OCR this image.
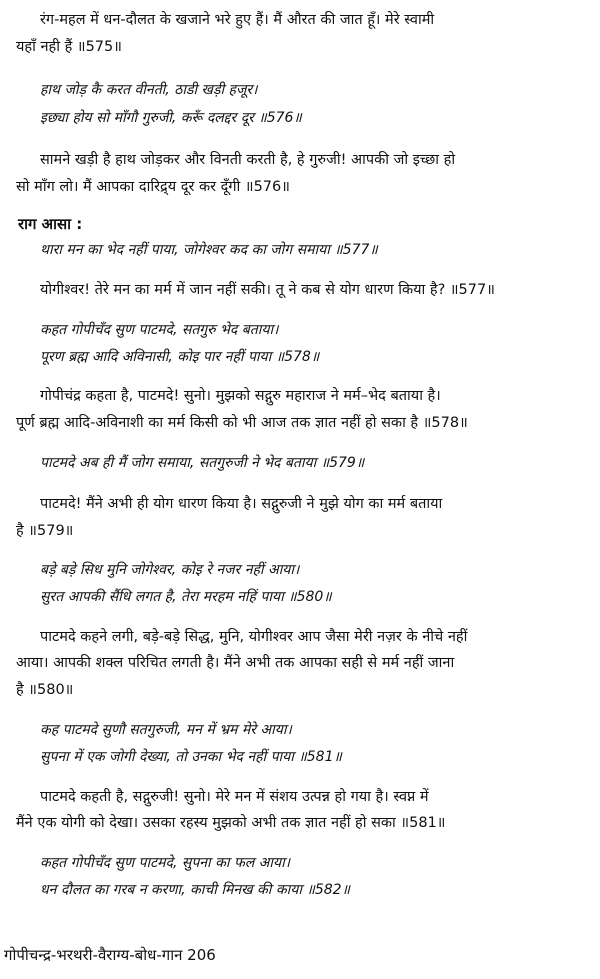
रंग-महल में धन-दौलत के खजाने भरे हुए हैं। मैं औरत की जात हूँ। मेरे स्वामी
यहाँ नही हैं ॥575॥
हाथ जोड़ कै करत वीनती, ठाडी खड़ी हजूर।
इछ्या होय सो माँगौ गुरुजी, करूँ दलद्दर दूर ॥576॥
सामने खड़ी है हाथ जोड़कर और विनती करती है, हे गुरुजी! आपकी जो इच्छा हो
सो माँग लो। मैं आपका दारिद्र्य दूर कर दूँगी ॥576॥
राग आसा :
थारा मन का भेद नहीं पाया, जोगेश्वर कद का जोग समाया ॥577॥
योगीश्वर! तेरे मन का मर्म में जान नहीं सकी। तू ने कब से योग धारण किया है? ॥577॥
कहत गोपीचँद सुण पाटमदे, सतगुरु भेद बताया।
पूरण ब्रह्म आदि अविनासी, कोइ पार नहीं पाया ॥578॥
गोपीचंद्र कहता है, पाटमदे! सुनो। मुझको सद्गुरु महाराज ने मर्म–भेद बताया है।
पूर्ण ब्रह्म आदि-अविनाशी का मर्म किसी को भी आज तक ज्ञात नहीं हो सका है ॥578॥
पाटमदे अब ही मैं जोग समाया, सतगुरुजी ने भेद बताया ॥579॥
पाटमदे! मैंने अभी ही योग धारण किया है। सद्गुरुजी ने मुझे योग का मर्म बताया
है ॥579॥
बड़े बड़े सिध मुनि जोगेश्वर, कोइ रे नजर नहीं आया।
सुरत आपकी सैंधि लगत है, तेरा मरहम नहिं पाया ॥580॥
पाटमदे कहने लगी, बड़े-बड़े सिद्ध, मुनि, योगीश्वर आप जैसा मेरी नज़र के नीचे नहीं
आया। आपकी शक्ल परिचित लगती है। मैंने अभी तक आपका सही से मर्म नहीं जाना
है ॥580॥
कह पाटमदे सुणौ सतगुरुजी, मन में भ्रम मेरे आया।
सुपना में एक जोगी देख्या, तो उनका भेद नहीं पाया ॥581॥
पाटमदे कहती है, सद्गुरुजी! सुनो। मेरे मन में संशय उत्पन्न हो गया है। स्वप्न में
मैंने एक योगी को देखा। उसका रहस्य मुझको अभी तक ज्ञात नहीं हो सका ॥581॥
कहत गोपीचँद सुण पाटमदे, सुपना का फल आया।
धन दौलत का गरब न करणा, काची मिनख की काया ॥582॥
गोपीचन्द्र-भरथरी-वैराग्य-बोध-गान 206
